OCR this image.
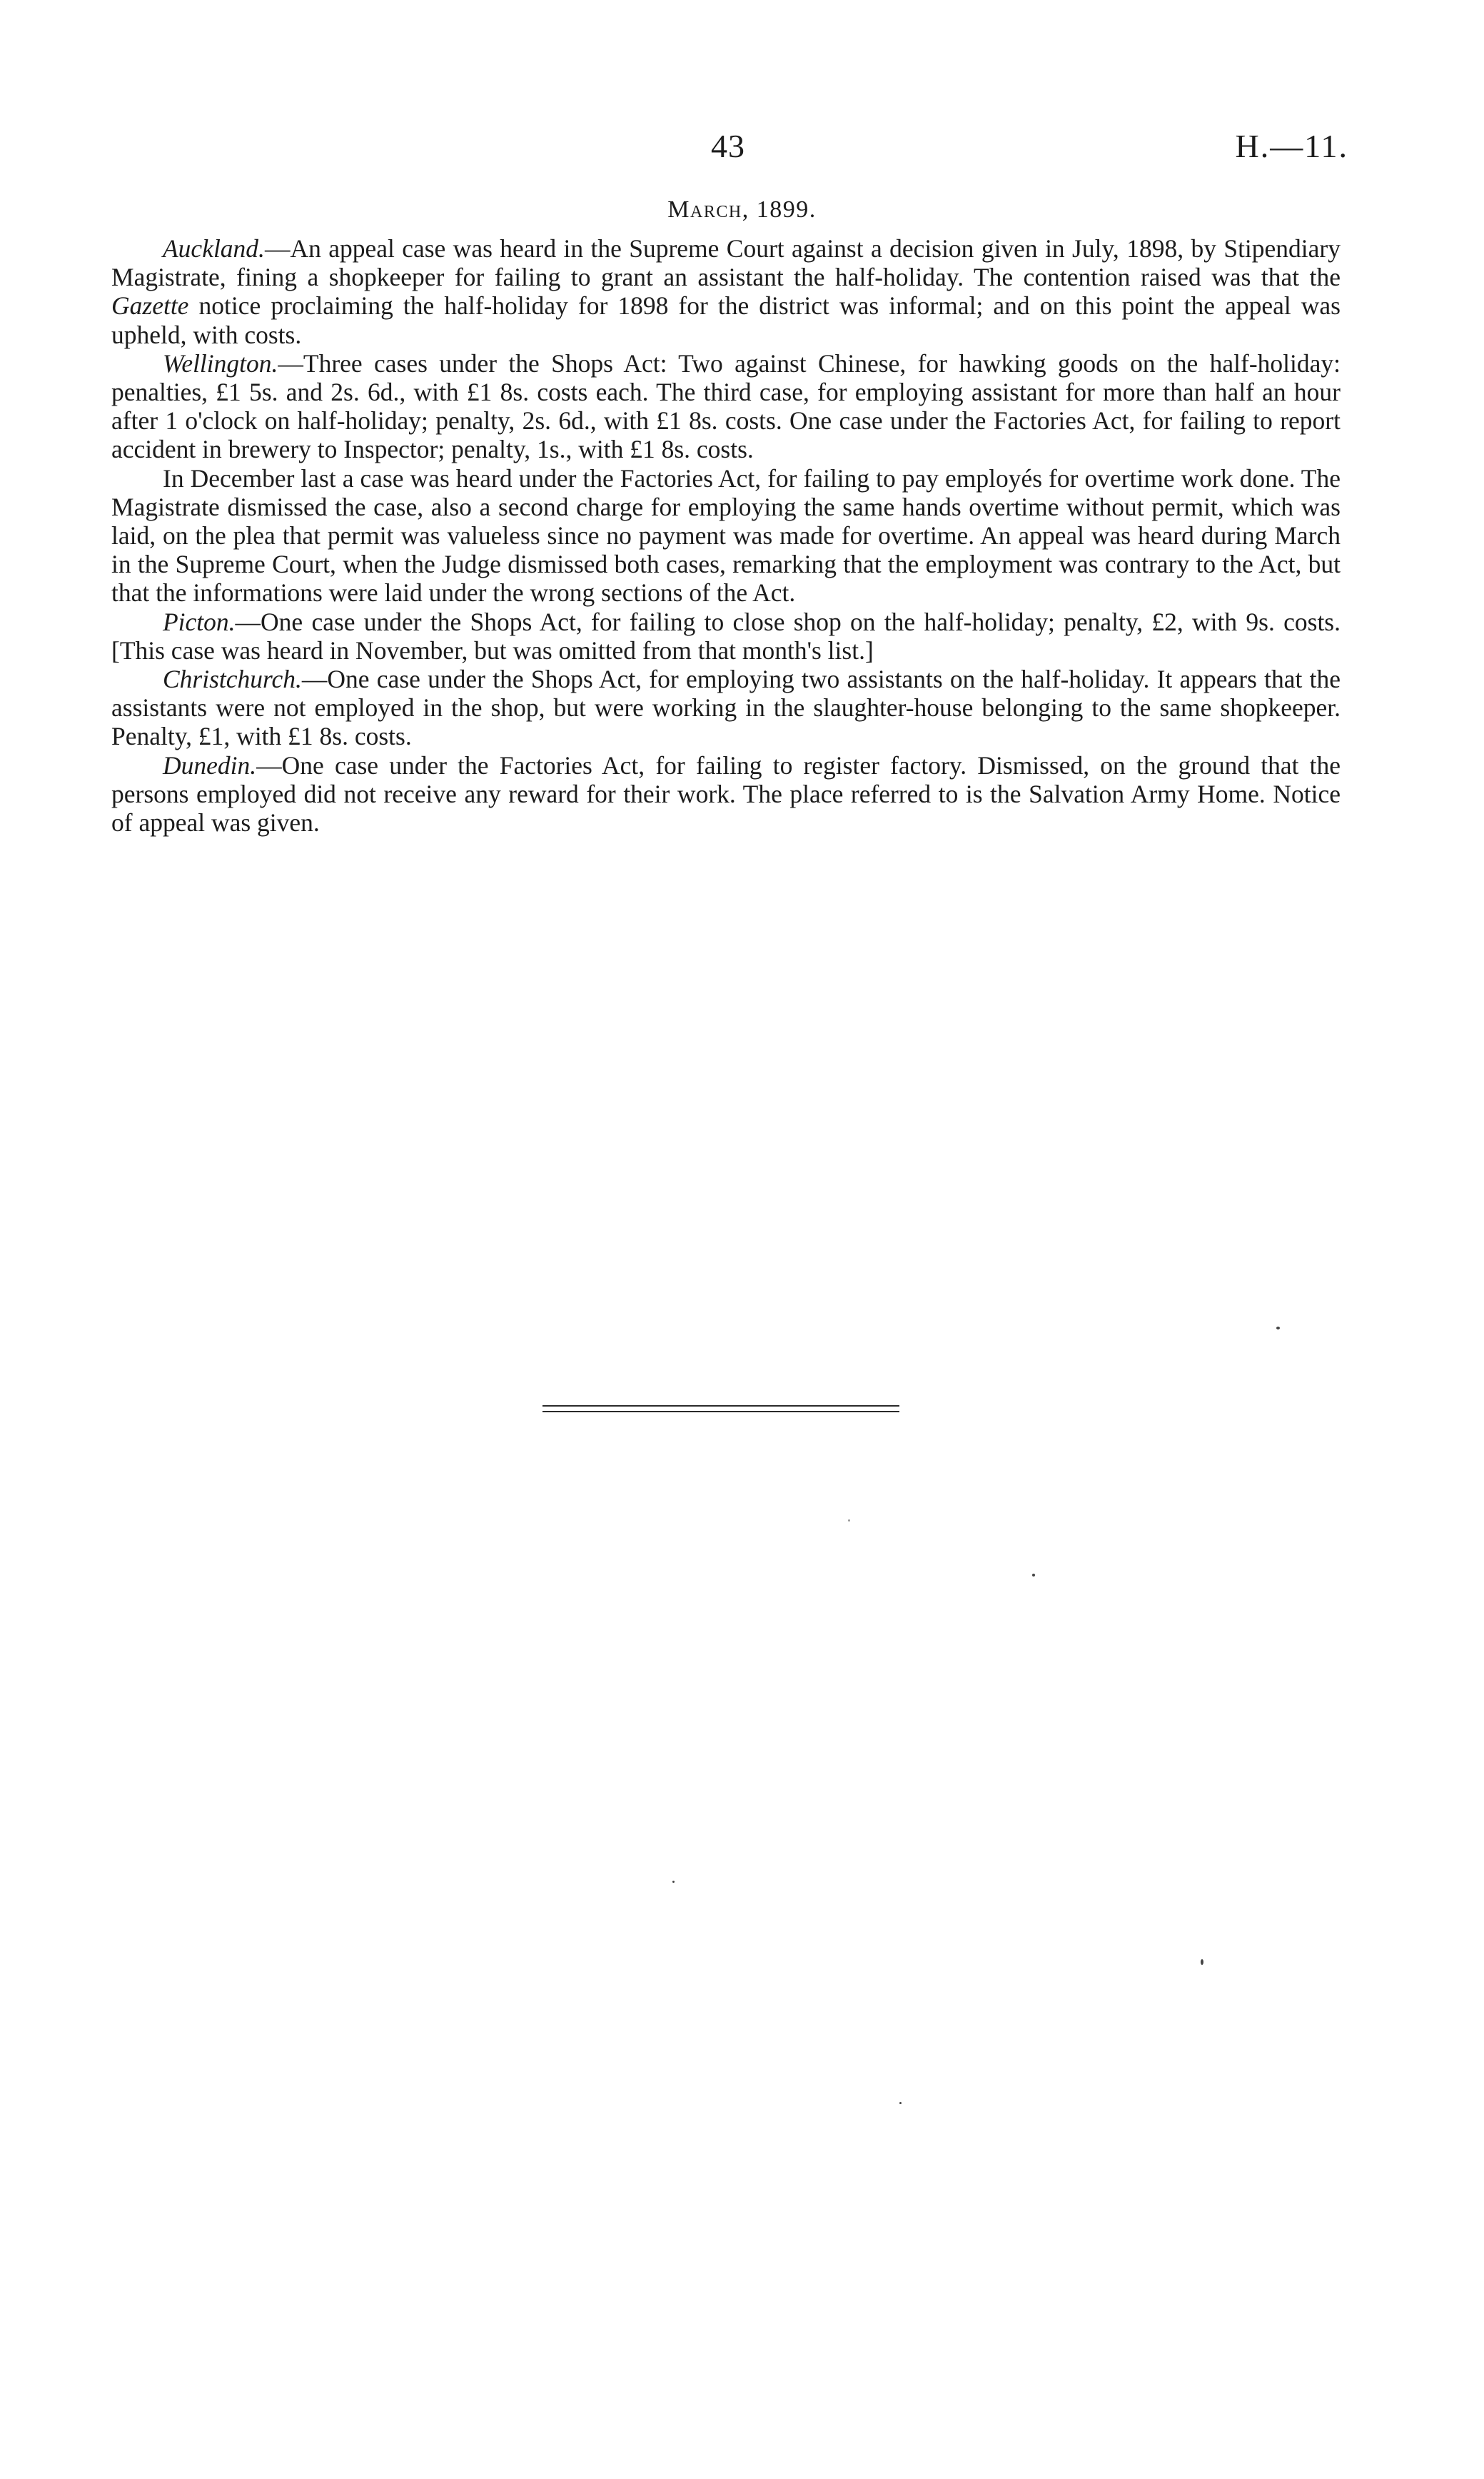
43	H.—11.
March, 1899.

Auckland.—An appeal case was heard in the Supreme Court against a decision given in July, 1898, by Stipendiary Magistrate, fining a shopkeeper for failing to grant an assistant the half-holiday. The contention raised was that the Gazette notice proclaiming the half-holiday for 1898 for the district was informal; and on this point the appeal was upheld, with costs.

Wellington.—Three cases under the Shops Act: Two against Chinese, for hawking goods on the half-holiday: penalties, £1 5s. and 2s. 6d., with £1 8s. costs each. The third case, for employing assistant for more than half an hour after 1 o'clock on half-holiday; penalty, 2s. 6d., with £1 8s. costs. One case under the Factories Act, for failing to report accident in brewery to Inspector; penalty, 1s., with £1 8s. costs.

In December last a case was heard under the Factories Act, for failing to pay employés for overtime work done. The Magistrate dismissed the case, also a second charge for employing the same hands overtime without permit, which was laid, on the plea that permit was valueless since no payment was made for overtime. An appeal was heard during March in the Supreme Court, when the Judge dismissed both cases, remarking that the employment was contrary to the Act, but that the informations were laid under the wrong sections of the Act.

Picton.—One case under the Shops Act, for failing to close shop on the half-holiday; penalty, £2, with 9s. costs. [This case was heard in November, but was omitted from that month's list.]

Christchurch.—One case under the Shops Act, for employing two assistants on the half-holiday. It appears that the assistants were not employed in the shop, but were working in the slaughter-house belonging to the same shopkeeper. Penalty, £1, with £1 8s. costs.

Dunedin.—One case under the Factories Act, for failing to register factory. Dismissed, on the ground that the persons employed did not receive any reward for their work. The place referred to is the Salvation Army Home. Notice of appeal was given.
